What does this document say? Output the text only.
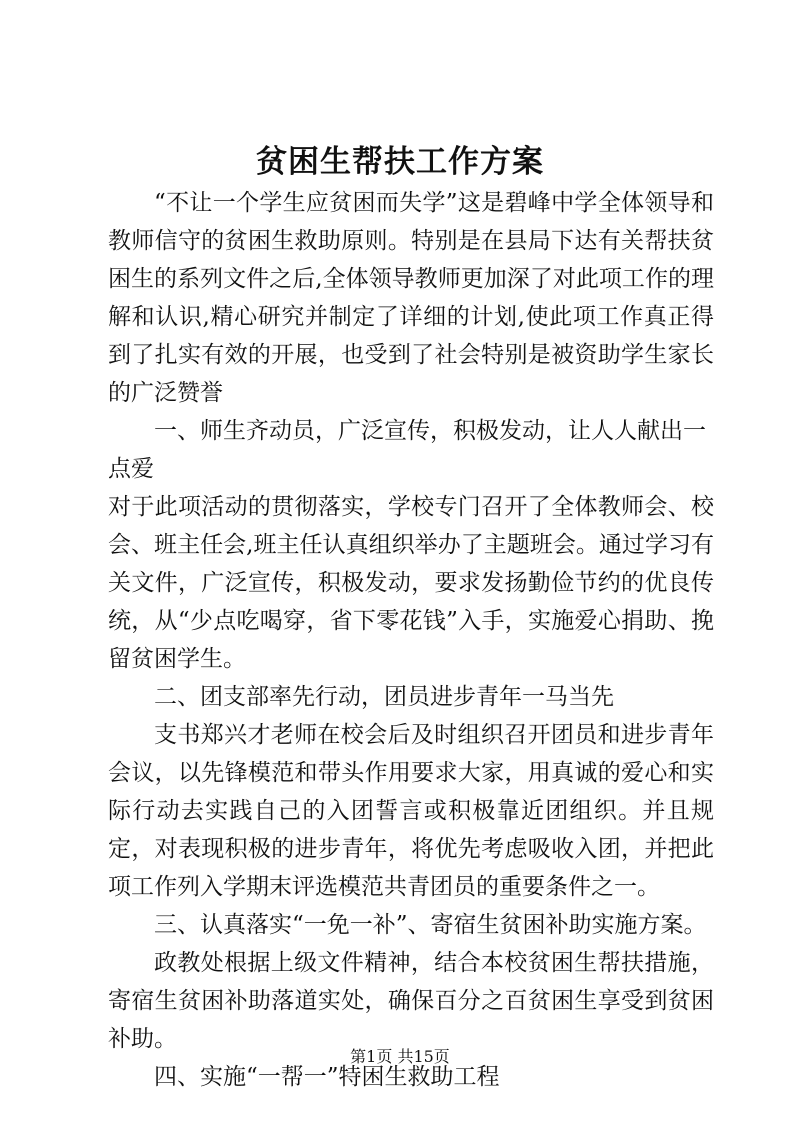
贫困生帮扶工作方案

“不让一个学生应贫困而失学”这是碧峰中学全体领导和教师信守的贫困生救助原则。特别是在县局下达有关帮扶贫困生的系列文件之后,全体领导教师更加深了对此项工作的理解和认识,精心研究并制定了详细的计划,使此项工作真正得到了扎实有效的开展，也受到了社会特别是被资助学生家长的广泛赞誉

一、师生齐动员，广泛宣传，积极发动，让人人献出一点爱

对于此项活动的贯彻落实，学校专门召开了全体教师会、校会、班主任会,班主任认真组织举办了主题班会。通过学习有关文件，广泛宣传，积极发动，要求发扬勤俭节约的优良传统，从“少点吃喝穿，省下零花钱”入手，实施爱心捐助、挽留贫困学生。

二、团支部率先行动，团员进步青年一马当先

支书郑兴才老师在校会后及时组织召开团员和进步青年会议，以先锋模范和带头作用要求大家，用真诚的爱心和实际行动去实践自己的入团誓言或积极靠近团组织。并且规定，对表现积极的进步青年，将优先考虑吸收入团，并把此项工作列入学期末评选模范共青团员的重要条件之一。

三、认真落实“一免一补”、寄宿生贫困补助实施方案。

政教处根据上级文件精神，结合本校贫困生帮扶措施，寄宿生贫困补助落道实处，确保百分之百贫困生享受到贫困补助。

四、实施“一帮一”特困生救助工程

第1页 共15页
